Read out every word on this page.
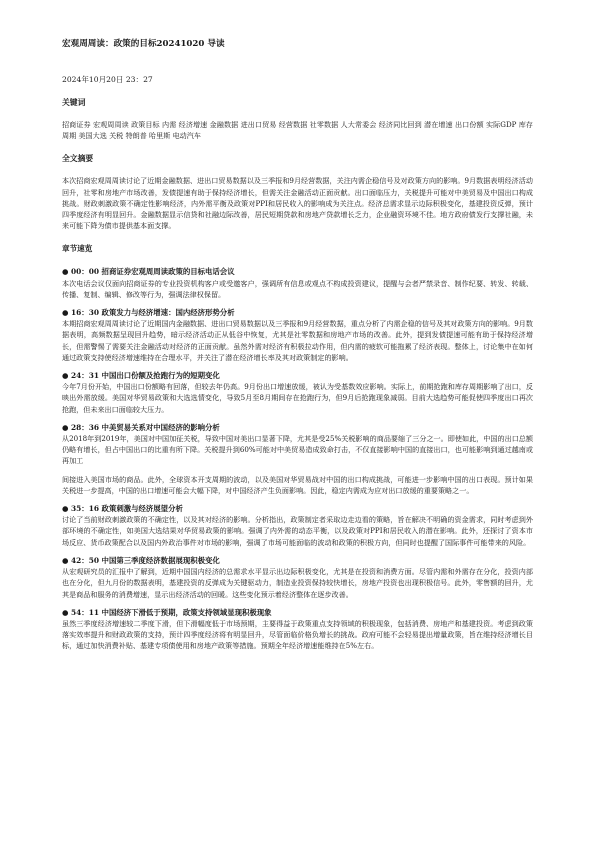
宏观周周读：政策的目标20241020 导读
2024年10月20日 23：27
关键词
招商证券 宏观周周读 政策目标 内需 经济增速 金融数据 进出口贸易 经营数据 社零数据 人大常委会 经济同比回到 潜在增速 出口份额 实际GDP 库存周期 美国大选 关税 特朗普 哈里斯 电动汽车
全文摘要
本次招商宏观周周读讨论了近期金融数据、进出口贸易数据以及三季报和9月经营数据，关注内需企稳信号及对政策方向的影响。9月数据表明经济活动回升，社零和房地产市场改善，发债提速有助于保持经济增长，但需关注金融活动正面贡献。出口面临压力，关税提升可能对中美贸易及中国出口构成挑战。财政刺激政策不确定性影响经济，内外需平衡及政策对PPI和居民收入的影响成为关注点。经济总需求显示边际积极变化，基建投资反弹，预计四季度经济有明显回升。金融数据显示信贷和社融边际改善，居民短期贷款和房地产贷款增长乏力，企业融资环境不佳。地方政府债发行支撑社融，未来可能下降为债市提供基本面支撑。
章节速览
● 00：00 招商证券宏观周周读政策的目标电话会议
本次电话会议仅面向招商证券的专业投资机构客户或受邀客户，强调所有信息或观点不构成投资建议，提醒与会者严禁录音、制作纪要、转发、转载、传播、复制、编辑、修改等行为，强调法律权保留。
● 16：30 政策发力与经济增速：国内经济形势分析
本期招商宏观周周读讨论了近期国内金融数据、进出口贸易数据以及三季报和9月经营数据，重点分析了内需企稳的信号及其对政策方向的影响。9月数据表明，高频数据呈现回升趋势，暗示经济活动正从低谷中恢复，尤其是社零数据和房地产市场的改善。此外，提到发债提速可能有助于保持经济增长，但需警惕了需要关注金融活动对经济的正面贡献。虽然外需对经济有积极拉动作用，但内需的疲软可能拖累了经济表现。整体上，讨论集中在如何通过政策支持使经济增速维持在合理水平，并关注了潜在经济增长率及其对政策制定的影响。
● 24：31 中国出口份额及抢跑行为的短期变化
今年7月份开始，中国出口份额略有回落，但较去年仍高。9月份出口增速放缓，被认为受基数效应影响。实际上，前期抢跑和库存周期影响了出口，反映出外需放缓。美国对华贸易政策和大选选情变化，导致5月至8月期间存在抢跑行为，但9月后抢跑现象减弱。目前大选趋势可能促使四季度出口再次抢跑，但未来出口面临较大压力。
● 28：36 中美贸易关系对中国经济的影响分析
从2018年到2019年，美国对中国加征关税，导致中国对美出口显著下降，尤其是受25%关税影响的商品要缩了三分之一。即使如此，中国的出口总额仍略有增长，但占中国出口的比重有所下降。关税提升到60%可能对中美贸易造成致命打击，不仅直接影响中国的直接出口，也可能影响到通过越南或再加工
间接进入美国市场的商品。此外，全球资本开支周期的波动，以及美国对华贸易战对中国的出口构成挑战，可能进一步影响中国的出口表现。预计如果关税进一步提高，中国的出口增速可能会大幅下降，对中国经济产生负面影响。因此，稳定内需成为应对出口放缓的重要策略之一。
● 35：16 政策刺激与经济展望分析
讨论了当前财政刺激政策的不确定性，以及其对经济的影响。分析指出，政策制定者采取边走边看的策略，旨在解决不明确的资金需求，同时考虑到外部环境的不确定性，如美国大选结果对华贸易政策的影响。强调了内外需的动态平衡，以及政策对PPI和居民收入的潜在影响。此外，还探讨了资本市场反应、货币政策配合以及国内外政治事件对市场的影响，强调了市场可能面临的波动和政策的积极方向，但同时也提醒了国际事件可能带来的风险。
● 42：50 中国第三季度经济数据展现积极变化
从宏观研究员的汇报中了解到，近期中国国内经济的总需求水平显示出边际积极变化，尤其是在投资和消费方面。尽管内需和外需存在分化，投资内部也在分化，但九月份的数据表明，基建投资的反弹成为关键驱动力，制造业投资保持较快增长，房地产投资也出现积极信号。此外，零售额的回升，尤其是商品和服务的消费增速，显示出经济活动的回暖。这些变化预示着经济整体在逐步改善。
● 54：11 中国经济下滑低于预期，政策支持领域显现积极现象
虽然三季度经济增速较二季度下滑，但下滑幅度低于市场预期，主要得益于政策重点支持领域的积极现象，包括消费、房地产和基建投资。考虑到政策落实效率提升和财政政策的支持，预计四季度经济将有明显回升，尽管面临价格负增长的挑战。政府可能不会轻易提出增量政策，旨在维持经济增长目标，通过加快消费补贴、基建专项债使用和房地产政策等措施。预期全年经济增速能维持在5%左右。
